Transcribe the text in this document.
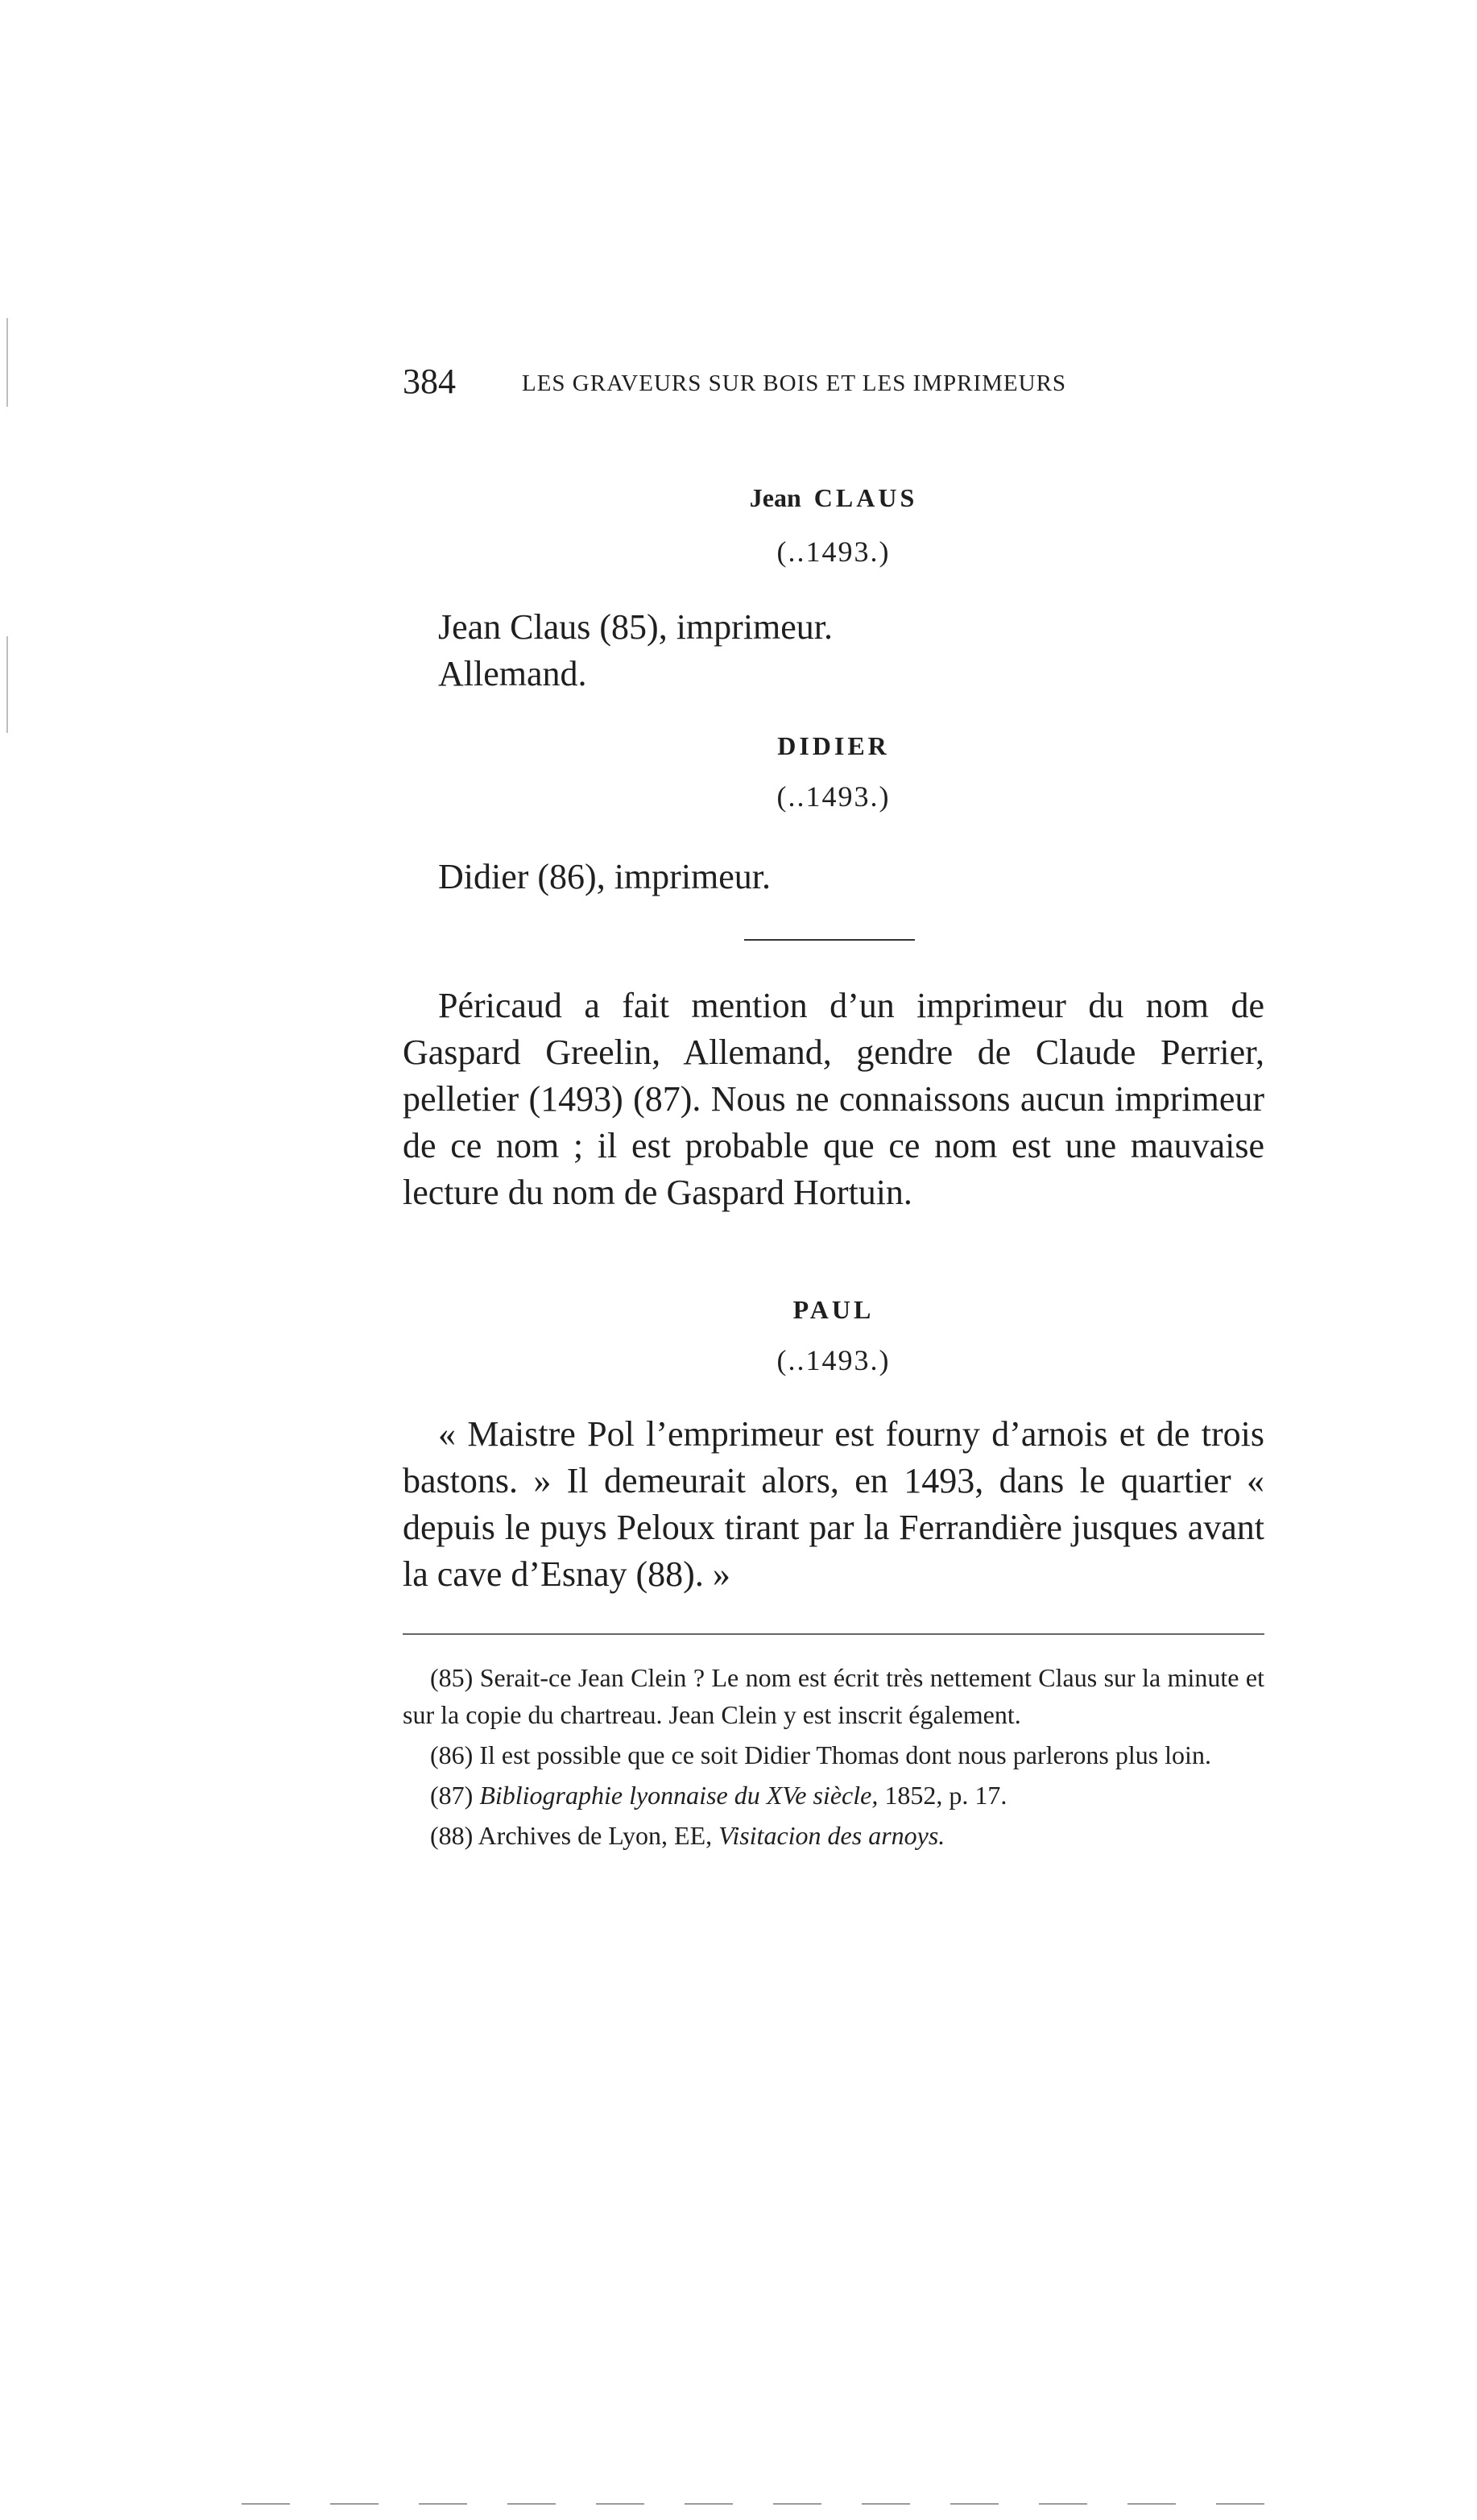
384	LES GRAVEURS SUR BOIS ET LES IMPRIMEURS
Jean CLAUS
(..1493.)
Jean Claus (85), imprimeur.
Allemand.
DIDIER
(..1493.)
Didier (86), imprimeur.
Péricaud a fait mention d’un imprimeur du nom de Gaspard Greelin, Allemand, gendre de Claude Perrier, pelletier (1493) (87). Nous ne connaissons aucun imprimeur de ce nom ; il est probable que ce nom est une mauvaise lecture du nom de Gaspard Hortuin.
PAUL
(..1493.)
« Maistre Pol l’emprimeur est fourny d’arnois et de trois bastons. » Il demeurait alors, en 1493, dans le quartier « depuis le puys Peloux tirant par la Ferrandière jusques avant la cave d’Esnay (88). »

(85) Serait-ce Jean Clein ? Le nom est écrit très nettement Claus sur la minute et sur la copie du chartreau. Jean Clein y est inscrit également.

(86) Il est possible que ce soit Didier Thomas dont nous parlerons plus loin.

(87) Bibliographie lyonnaise du XVe siècle, 1852, p. 17.

(88) Archives de Lyon, EE, Visitacion des arnoys.
